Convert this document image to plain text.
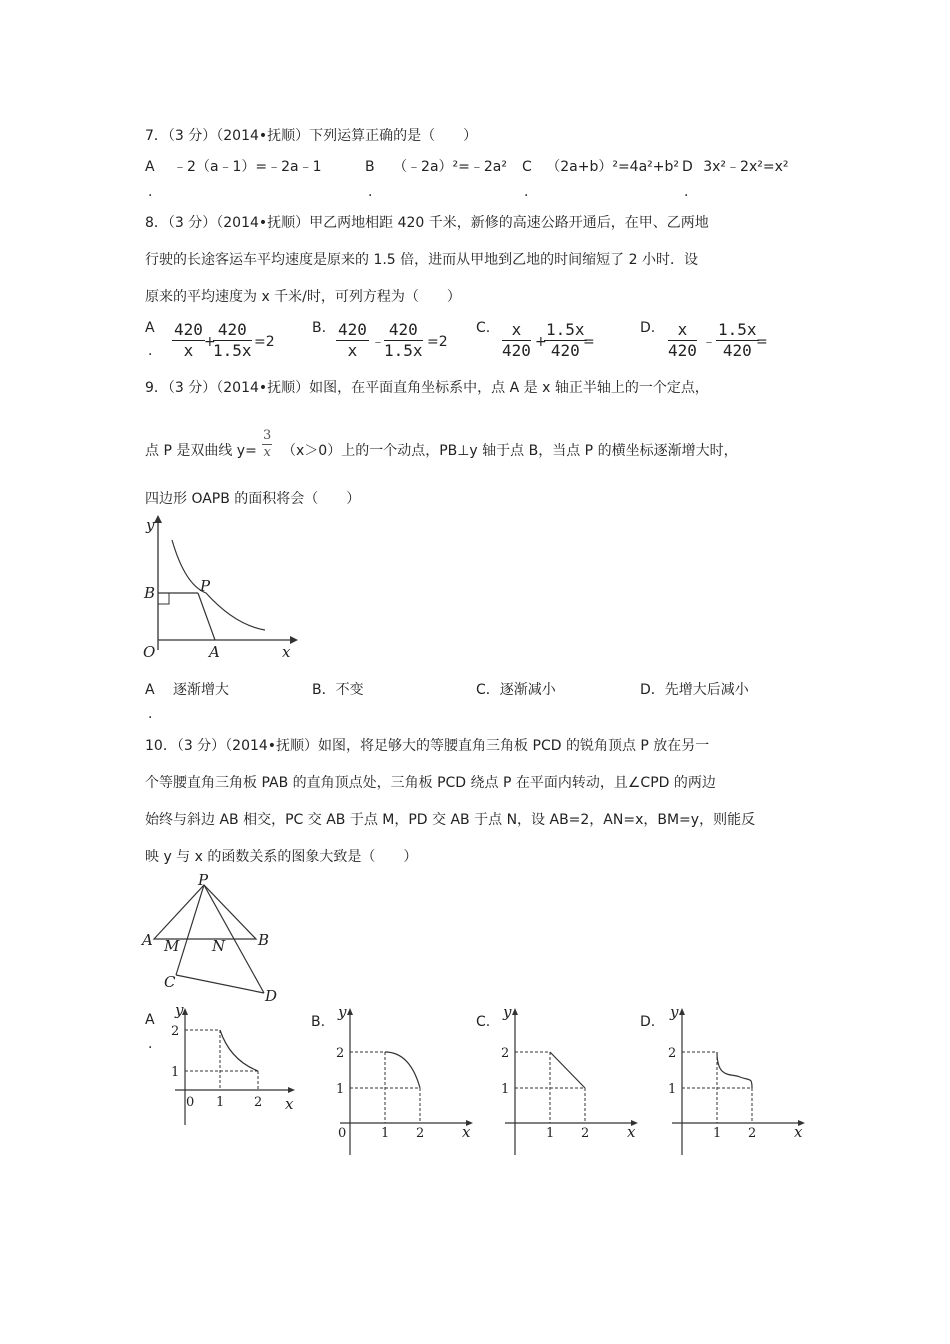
7．（3 分）（2014•抚顺）下列运算正确的是（　　）
A ﹣2（a﹣1）=﹣2a﹣1
.
B （﹣2a）²=﹣2a²
.
C （2a+b）²=4a²+b²
.
D 3x²﹣2x²=x²
.
8．（3 分）（2014•抚顺）甲乙两地相距 420 千米，新修的高速公路开通后，在甲、乙两地
行驶的长途客运车平均速度是原来的 1.5 倍，进而从甲地到乙地的时间缩短了 2 小时．设
原来的平均速度为 x 千米/时，可列方程为（　　）
A
. $\frac{420}{x}$ +
$\frac{420}{1.5x} =2$
B. $\frac{420}{x}$ ﹣ $\frac{420}{1.5x} =2$
C. $\frac{x}{420}$ +
$\frac{1.5x}{420}$
=
D. $\frac{x}{420}$ ﹣ $\frac{1.5x}{420}$
=
9．（3 分）（2014•抚顺）如图，在平面直角坐标系中，点 A 是 x 轴正半轴上的一个定点，
点 P 是双曲线 $y= \frac{3}{x} (x>0)$上的一个动点，PB⊥y 轴于点 B，当点 P 的横坐标逐渐增大时，
四边形 OAPB 的面积将会（　　）
y
x
B	P
O	A
A 逐渐增大
.
B．不变	C．逐渐减小	D．先增大后减小
10．（3 分）（2014•抚顺）如图，将足够大的等腰直角三角板 PCD 的锐角顶点 P 放在另一
个等腰直角三角板 PAB 的直角顶点处，三角板 PCD 绕点 P 在平面内转动，且∠CPD 的两边
始终与斜边 AB 相交，PC 交 AB 于点 M，PD 交 AB 于点 N，设 AB=2，AN=x，BM=y，则能反
映 y 与 x 的函数关系的图象大致是（　　）
P
A M N B
C
D
A
.
y
x
2
1
0 1 2
B.
y
x
2
1
0	1 2
C.
y
x
2
1
1 2
D.
y
x
2
1
1 2
